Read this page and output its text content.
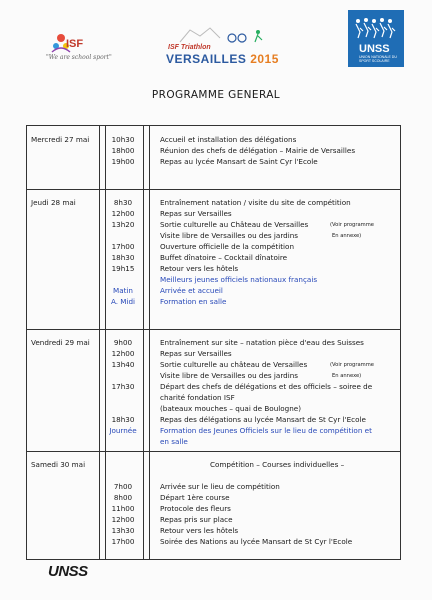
ISF
"We are school sport"
ISF Triathlon
VERSAILLES 2015
UNSS
UNION NATIONALE DU SPORT SCOLAIRE
PROGRAMME GENERAL
Mercredi 27 mai	10h30	Accueil et installation des délégations
18h00	Réunion des chefs de délégation – Mairie de Versailles
19h00	Repas au lycée Mansart de Saint Cyr l'Ecole
Jeudi 28 mai	8h30	Entraînement natation / visite du site de compétition
12h00	Repas sur Versailles
13h20	Sortie culturelle au Château de Versailles	(Voir programme
Visite libre de Versailles ou des jardins	En annexe)
17h00	Ouverture officielle de la compétition
18h30	Buffet dînatoire – Cocktail dînatoire
19h15	Retour vers les hôtels
Meilleurs jeunes officiels nationaux français
Matin	Arrivée et accueil
A. Midi	Formation en salle
Vendredi 29 mai	9h00	Entraînement sur site – natation pièce d'eau des Suisses
12h00	Repas sur Versailles
13h40	Sortie culturelle au château de Versailles	(Voir programme
Visite libre de Versailles ou des jardins	En annexe)
17h30	Départ des chefs de délégations et des officiels – soiree de
charité fondation ISF
(bateaux mouches – quai de Boulogne)
18h30	Repas des délégations au lycée Mansart de St Cyr l'Ecole
Journée	Formation des Jeunes Officiels sur le lieu de compétition et
en salle
Samedi 30 mai	Compétition – Courses individuelles –
7h00	Arrivée sur le lieu de compétition
8h00	Départ 1ère course
11h00	Protocole des fleurs
12h00	Repas pris sur place
13h30	Retour vers les hôtels
17h00	Soirée des Nations au lycée Mansart de St Cyr l'Ecole
UNSS
